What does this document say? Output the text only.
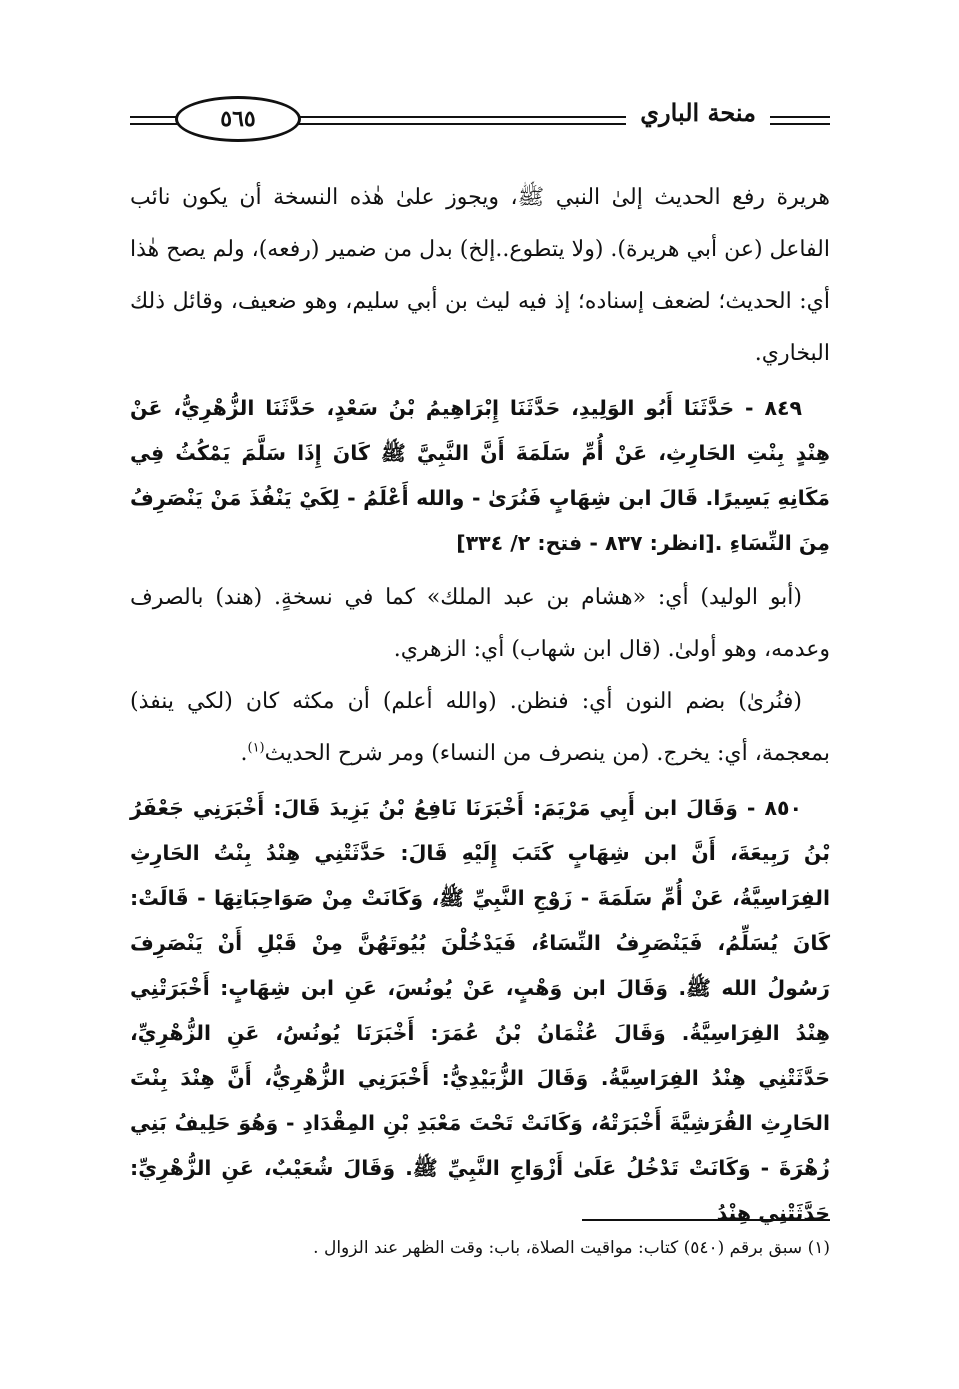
٥٦٥	منحة الباري

هريرة رفع الحديث إلىٰ النبي ﷺ، ويجوز علىٰ هٰذه النسخة أن يكون نائب الفاعل (عن أبي هريرة). (ولا يتطوع..إلخ) بدل من ضمير (رفعه)، ولم يصح هٰذا أي: الحديث؛ لضعف إسناده؛ إذ فيه ليث بن أبي سليم، وهو ضعيف، وقائل ذلك البخاري.

٨٤٩ - حَدَّثَنَا أَبُو الوَلِيدِ، حَدَّثَنَا إِبْرَاهِيمُ بْنُ سَعْدٍ، حَدَّثَنَا الزُّهْرِيُّ، عَنْ هِنْدٍ بِنْتِ الحَارِثِ، عَنْ أُمِّ سَلَمَةَ أَنَّ النَّبِيَّ ﷺ كَانَ إِذَا سَلَّمَ يَمْكُثُ فِي مَكَانِهِ يَسِيرًا. قَالَ ابن شِهَابٍ فَنُرَىٰ - والله أَعْلَمُ - لِكَيْ يَنْفُذَ مَنْ يَنْصَرِفُ مِنَ النِّسَاءِ .[انظر: ٨٣٧ - فتح: ٢/ ٣٣٤]

(أبو الوليد) أي: «هشام بن عبد الملك» كما في نسخةٍ. (هند) بالصرف وعدمه، وهو أولىٰ. (قال ابن شهاب) أي: الزهري.

(فنُرىٰ) بضم النون أي: فنظن. (والله أعلم) أن مكثه كان (لكي ينفذ) بمعجمة، أي: يخرج. (من ينصرف من النساء) ومر شرح الحديث$^{(١)}$.

٨٥٠ - وَقَالَ ابن أَبِي مَرْيَمَ: أَخْبَرَنَا نَافِعُ بْنُ يَزِيدَ قَالَ: أَخْبَرَنِي جَعْفَرُ بْنُ رَبِيعَةَ، أَنَّ ابن شِهَابٍ كَتَبَ إِلَيْهِ قَالَ: حَدَّثَتْنِي هِنْدُ بِنْتُ الحَارِثِ الفِرَاسِيَّةُ، عَنْ أُمِّ سَلَمَةَ - زَوْجِ النَّبِيِّ ﷺ، وَكَانَتْ مِنْ صَوَاحِبَاتِهَا - قَالَتْ: كَانَ يُسَلِّمُ، فَيَنْصَرِفُ النِّسَاءُ، فَيَدْخُلْنَ بُيُوتَهُنَّ مِنْ قَبْلِ أَنْ يَنْصَرِفَ رَسُولُ الله ﷺ. وَقَالَ ابن وَهْبٍ، عَنْ يُونُسَ، عَنِ ابن شِهَابٍ: أَخْبَرَتْنِي هِنْدُ الفِرَاسِيَّةُ. وَقَالَ عُثْمَانُ بْنُ عُمَرَ: أَخْبَرَنَا يُونُسُ، عَنِ الزُّهْرِيِّ، حَدَّثَتْنِي هِنْدُ الفِرَاسِيَّةُ. وَقَالَ الزُّبَيْدِيُّ: أَخْبَرَنِي الزُّهْرِيُّ، أَنَّ هِنْدَ بِنْتَ الحَارِثِ القُرَشِيَّةَ أَخْبَرَتْهُ، وَكَانَتْ تَحْتَ مَعْبَدِ بْنِ المِقْدَادِ - وَهُوَ حَلِيفُ بَنِي زُهْرَةَ - وَكَانَتْ تَدْخُلُ عَلَىٰ أَزْوَاجِ النَّبِيِّ ﷺ. وَقَالَ شُعَيْبٌ، عَنِ الزُّهْرِيِّ: حَدَّثَتْنِي هِنْدُ

(١) سبق برقم (٥٤٠) كتاب: مواقيت الصلاة، باب: وقت الظهر عند الزوال .
